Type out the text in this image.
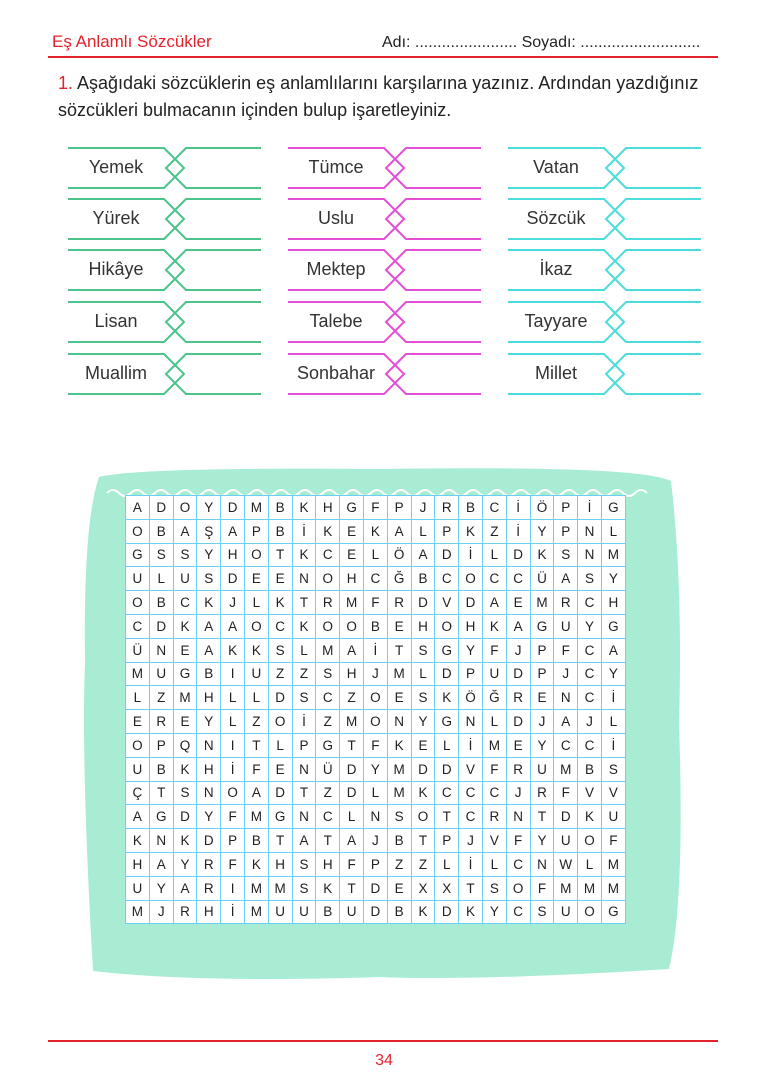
Eş Anlamlı Sözcükler	Adı: ....................... Soyadı: ...........................
1. Aşağıdaki sözcüklerin eş anlamlılarını karşılarına yazınız. Ardından yazdığınız sözcükleri bulmacanın içinden bulup işaretleyiniz.
Yemek
Yürek
Hikâye
Lisan
Muallim
Tümce
Uslu
Mektep
Talebe
Sonbahar
Vatan
Sözcük
İkaz
Tayyare
Millet
A	D	O	Y	D	M	B	K	H	G	F	P	J	R	B	C	İ	Ö	P	İ	G
O	B	A	Ş	A	P	B	İ	K	E	K	A	L	P	K	Z	İ	Y	P	N	L
G	S	S	Y	H	O	T	K	C	E	L	Ö	A	D	İ	L	D	K	S	N	M
U	L	U	S	D	E	E	N	O	H	C	Ğ	B	C	O	C	C	Ü	A	S	Y
O	B	C	K	J	L	K	T	R	M	F	R	D	V	D	A	E	M	R	C	H
C	D	K	A	A	O	C	K	O	O	B	E	H	O	H	K	A	G	U	Y	G
Ü	N	E	A	K	K	S	L	M	A	İ	T	S	G	Y	F	J	P	F	C	A
M	U	G	B	I	U	Z	Z	S	H	J	M	L	D	P	U	D	P	J	C	Y
L	Z	M	H	L	L	D	S	C	Z	O	E	S	K	Ö	Ğ	R	E	N	C	İ
E	R	E	Y	L	Z	O	İ	Z	M	O	N	Y	G	N	L	D	J	A	J	L
O	P	Q	N	I	T	L	P	G	T	F	K	E	L	İ	M	E	Y	C	C	İ
U	B	K	H	İ	F	E	N	Ü	D	Y	M	D	D	V	F	R	U	M	B	S
Ç	T	S	N	O	A	D	T	Z	D	L	M	K	C	C	C	J	R	F	V	V
A	G	D	Y	F	M	G	N	C	L	N	S	O	T	C	R	N	T	D	K	U
K	N	K	D	P	B	T	A	T	A	J	B	T	P	J	V	F	Y	U	O	F
H	A	Y	R	F	K	H	S	H	F	P	Z	Z	L	İ	L	C	N	W	L	M
U	Y	A	R	I	M	M	S	K	T	D	E	X	X	T	S	O	F	M	M	M
M	J	R	H	İ	M	U	U	B	U	D	B	K	D	K	Y	C	S	U	O	G
34
